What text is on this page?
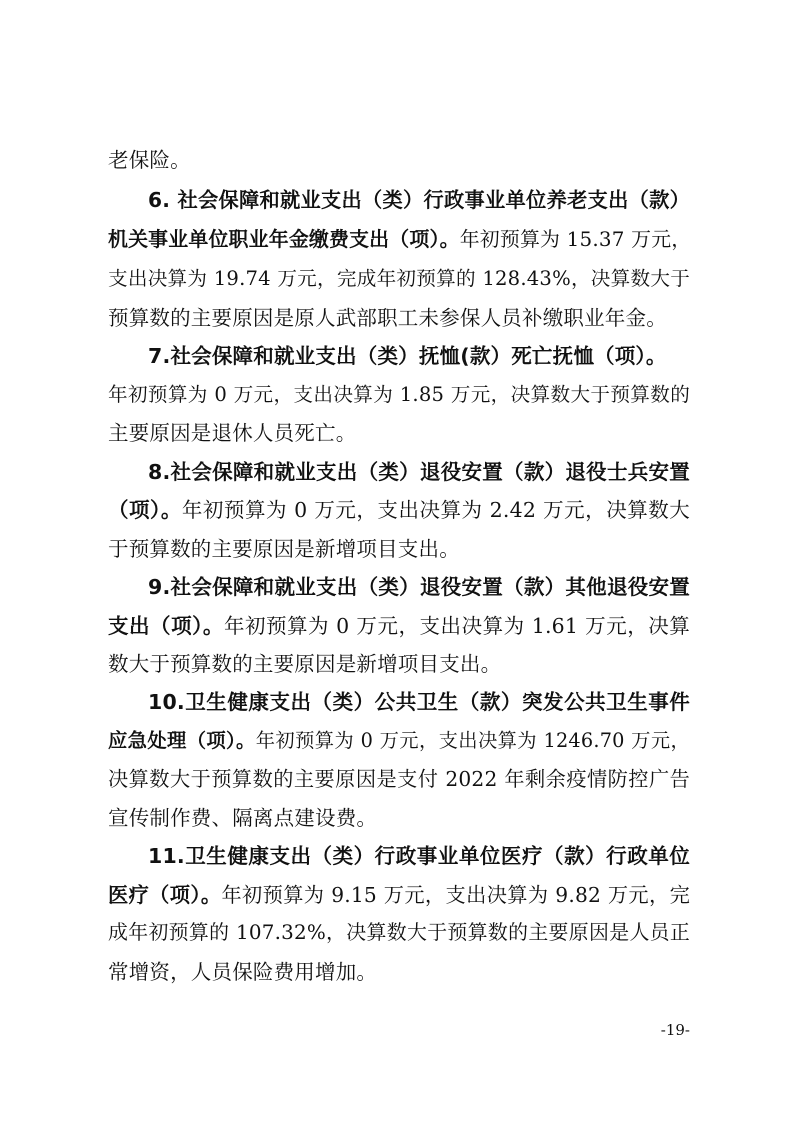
老保险。
6. 社会保障和就业支出（类）行政事业单位养老支出（款）
机关事业单位职业年金缴费支出（项）。年初预算为 15.37 万元，
支出决算为 19.74 万元，完成年初预算的 128.43%，决算数大于
预算数的主要原因是原人武部职工未参保人员补缴职业年金。
7.社会保障和就业支出（类）抚恤(款）死亡抚恤（项）。
年初预算为 0 万元，支出决算为 1.85 万元，决算数大于预算数的
主要原因是退休人员死亡。
8.社会保障和就业支出（类）退役安置（款）退役士兵安置
（项）。年初预算为 0 万元，支出决算为 2.42 万元，决算数大
于预算数的主要原因是新增项目支出。
9.社会保障和就业支出（类）退役安置（款）其他退役安置
支出（项）。年初预算为 0 万元，支出决算为 1.61 万元，决算
数大于预算数的主要原因是新增项目支出。
10.卫生健康支出（类）公共卫生（款）突发公共卫生事件
应急处理（项）。年初预算为 0 万元，支出决算为 1246.70 万元，
决算数大于预算数的主要原因是支付 2022 年剩余疫情防控广告
宣传制作费、隔离点建设费。
11.卫生健康支出（类）行政事业单位医疗（款）行政单位
医疗（项）。年初预算为 9.15 万元，支出决算为 9.82 万元，完
成年初预算的 107.32%，决算数大于预算数的主要原因是人员正
常增资，人员保险费用增加。
-19-
